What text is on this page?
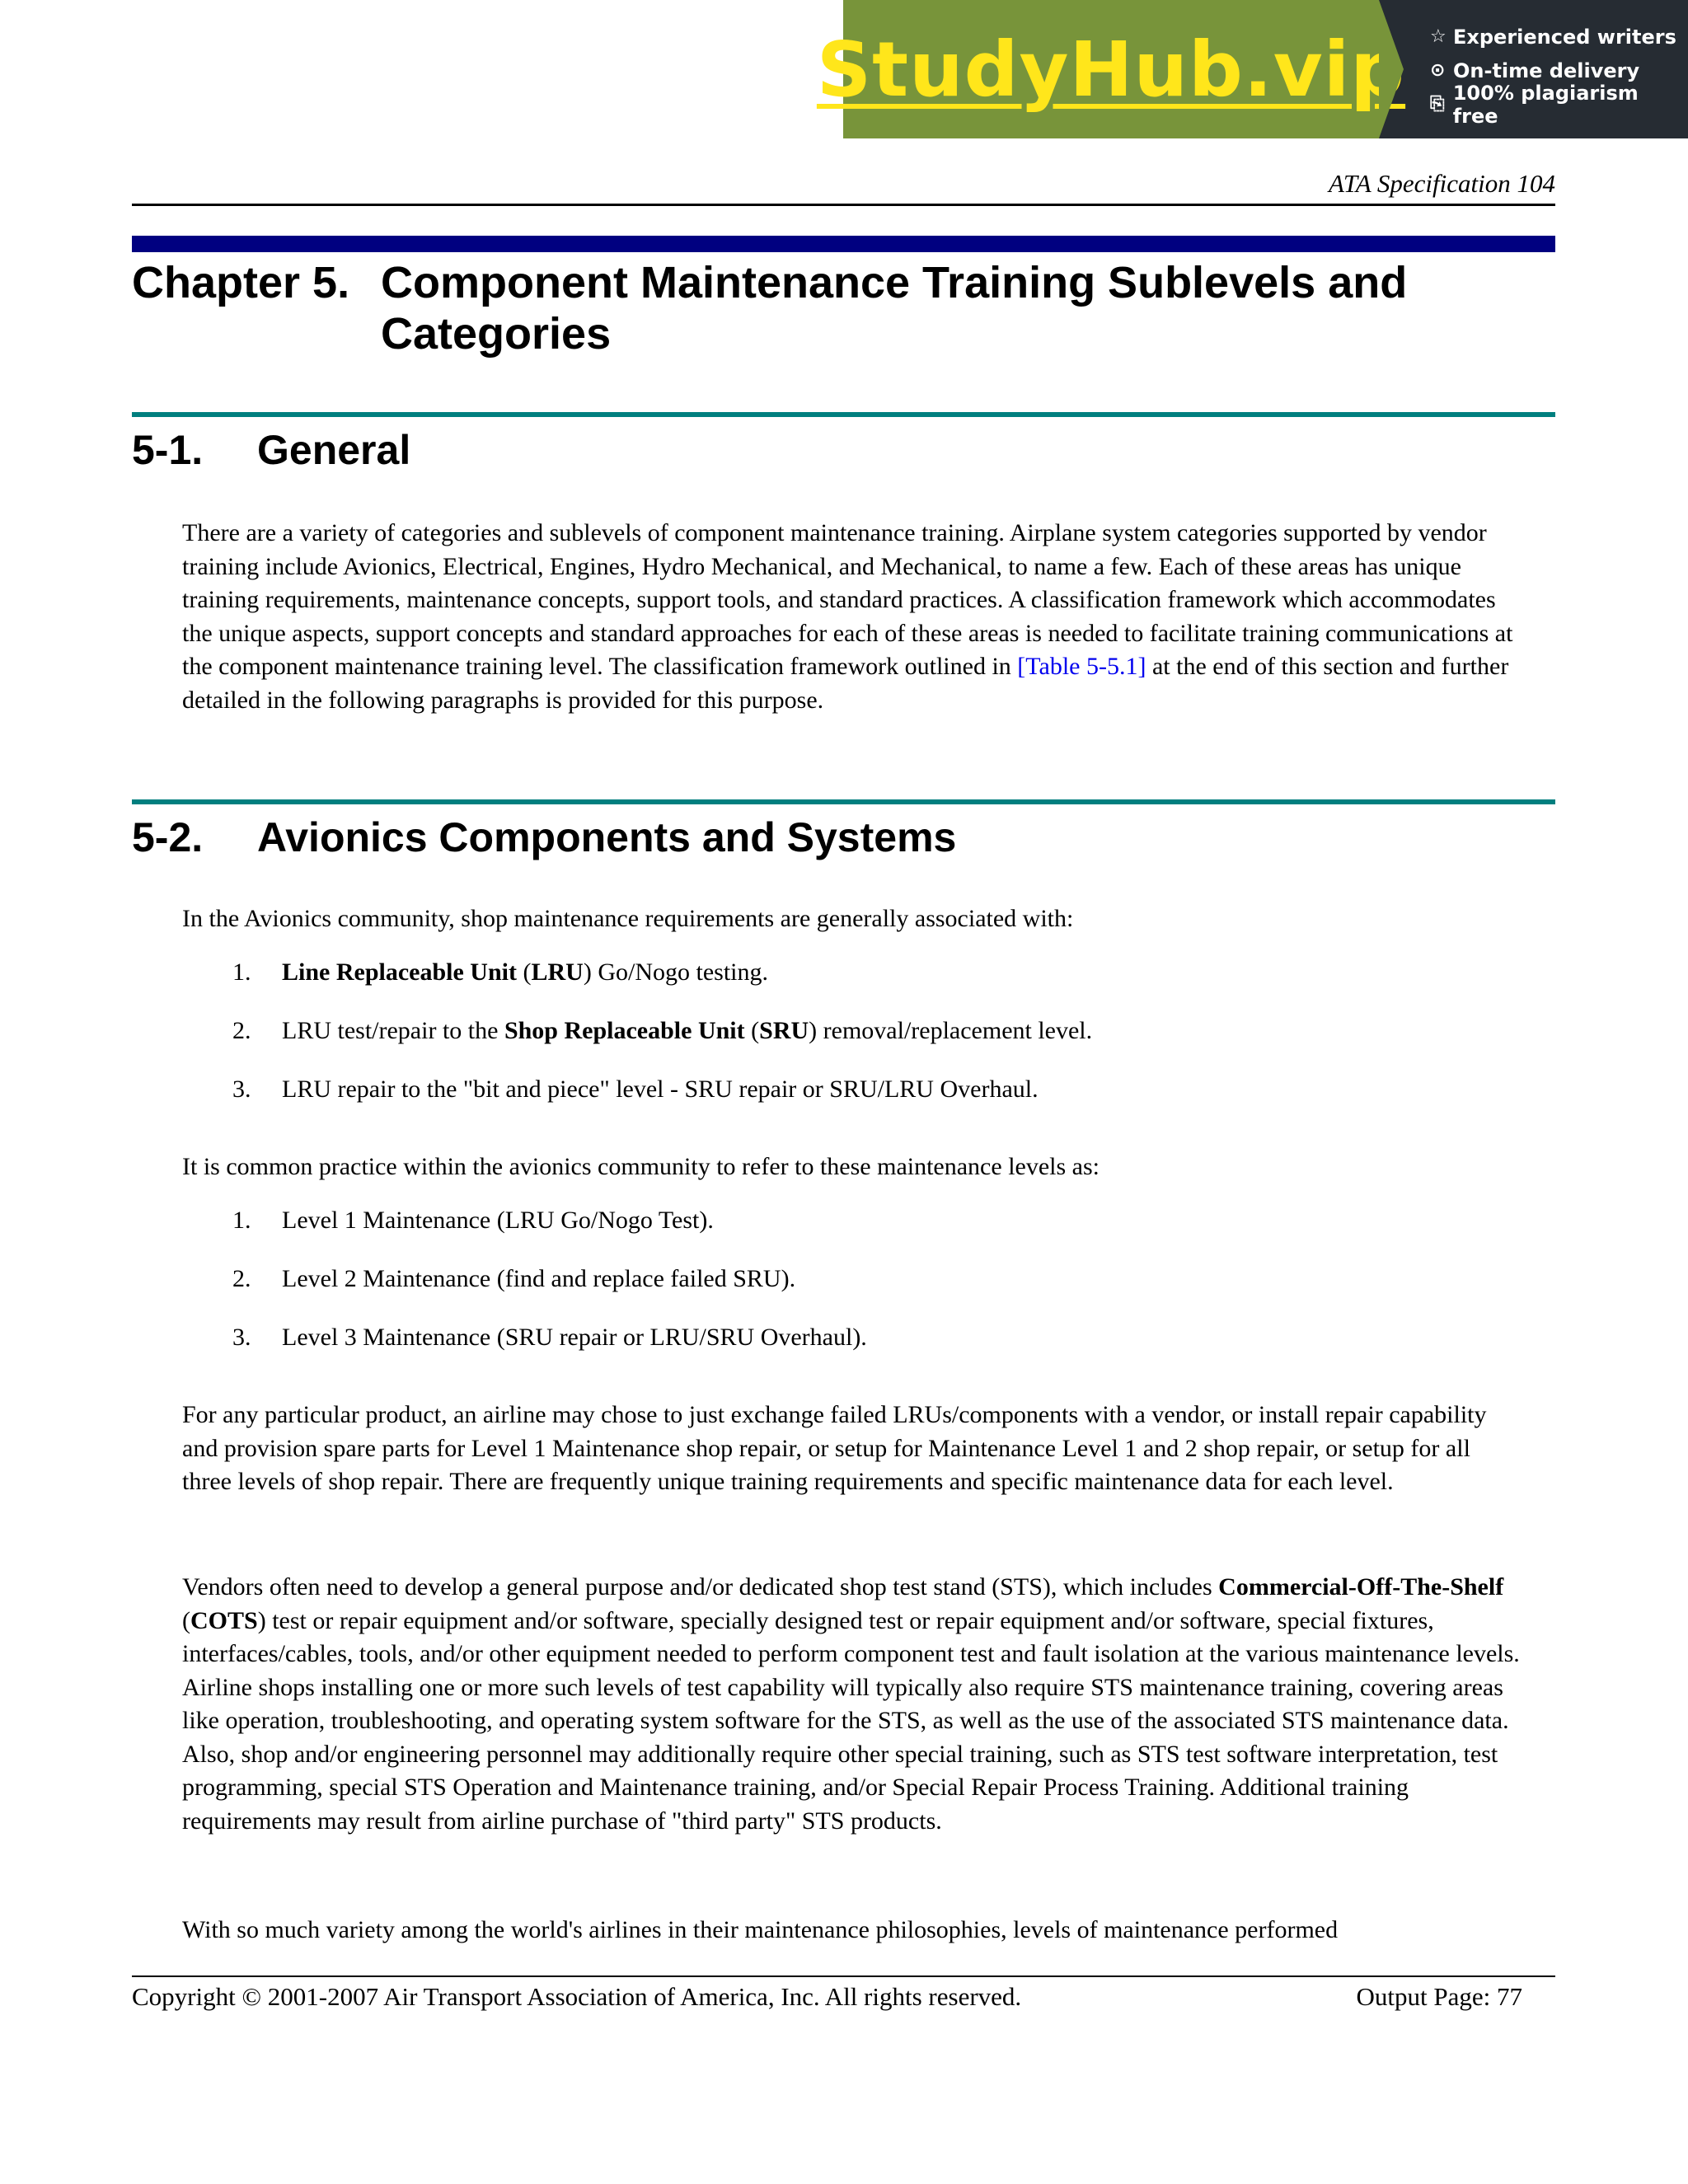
StudyHub.vip ☆ Experienced writers
⊙ On-time delivery
⎘ 100% plagiarism free
ATA Specification 104
Chapter 5. Component Maintenance Training Sublevels and Categories
5-1.	General
There are a variety of categories and sublevels of component maintenance training. Airplane system categories supported by vendor training include Avionics, Electrical, Engines, Hydro Mechanical, and Mechanical, to name a few. Each of these areas has unique training requirements, maintenance concepts, support tools, and standard practices. A classification framework which accommodates the unique aspects, support concepts and standard approaches for each of these areas is needed to facilitate training communications at the component maintenance training level. The classification framework outlined in [Table 5-5.1] at the end of this section and further detailed in the following paragraphs is provided for this purpose.
5-2.	Avionics Components and Systems
In the Avionics community, shop maintenance requirements are generally associated with:
1.	Line Replaceable Unit (LRU) Go/Nogo testing.
2.	LRU test/repair to the Shop Replaceable Unit (SRU) removal/replacement level.
3.	LRU repair to the "bit and piece" level - SRU repair or SRU/LRU Overhaul.
It is common practice within the avionics community to refer to these maintenance levels as:
1.	Level 1 Maintenance (LRU Go/Nogo Test).
2.	Level 2 Maintenance (find and replace failed SRU).
3.	Level 3 Maintenance (SRU repair or LRU/SRU Overhaul).
For any particular product, an airline may chose to just exchange failed LRUs/components with a vendor, or install repair capability and provision spare parts for Level 1 Maintenance shop repair, or setup for Maintenance Level 1 and 2 shop repair, or setup for all three levels of shop repair. There are frequently unique training requirements and specific maintenance data for each level.
Vendors often need to develop a general purpose and/or dedicated shop test stand (STS), which includes Commercial-Off-The-Shelf (COTS) test or repair equipment and/or software, specially designed test or repair equipment and/or software, special fixtures, interfaces/cables, tools, and/or other equipment needed to perform component test and fault isolation at the various maintenance levels. Airline shops installing one or more such levels of test capability will typically also require STS maintenance training, covering areas like operation, troubleshooting, and operating system software for the STS, as well as the use of the associated STS maintenance data. Also, shop and/or engineering personnel may additionally require other special training, such as STS test software interpretation, test programming, special STS Operation and Maintenance training, and/or Special Repair Process Training. Additional training requirements may result from airline purchase of "third party" STS products.
With so much variety among the world's airlines in their maintenance philosophies, levels of maintenance performed
Copyright © 2001-2007 Air Transport Association of America, Inc. All rights reserved.	Output Page: 77
